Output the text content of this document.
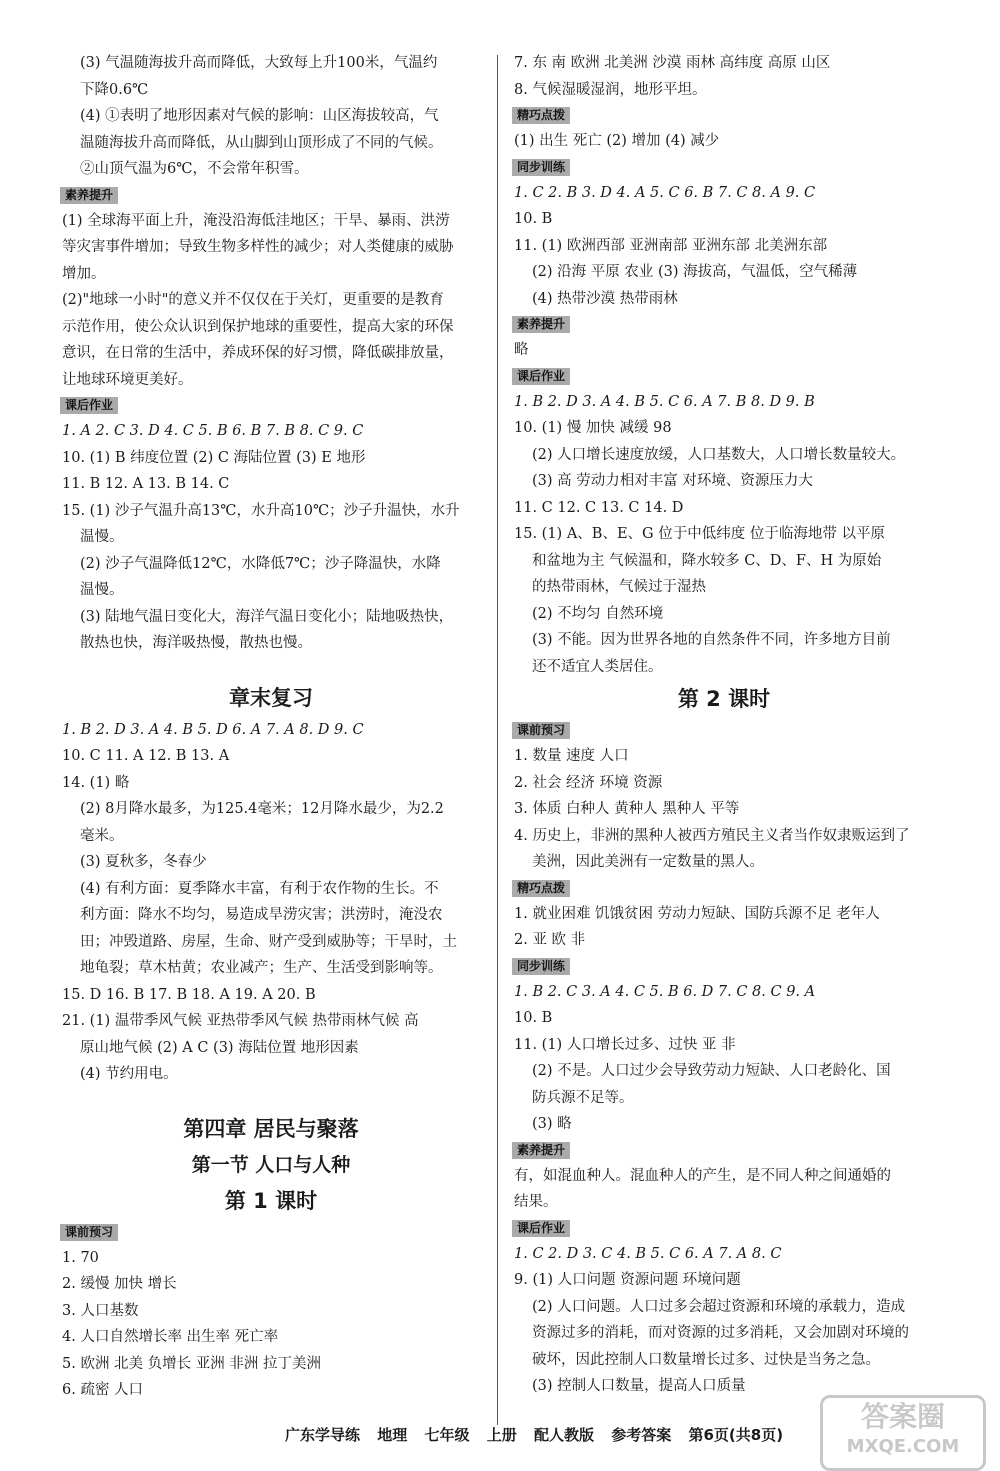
(3) 气温随海拔升高而降低，大致每上升100米，气温约
下降0.6℃
(4) ①表明了地形因素对气候的影响：山区海拔较高，气
温随海拔升高而降低，从山脚到山顶形成了不同的气候。
②山顶气温为6℃，不会常年积雪。
素养提升
(1) 全球海平面上升，淹没沿海低洼地区；干旱、暴雨、洪涝
等灾害事件增加；导致生物多样性的减少；对人类健康的威胁
增加。
(2)"地球一小时"的意义并不仅仅在于关灯，更重要的是教育
示范作用，使公众认识到保护地球的重要性，提高大家的环保
意识，在日常的生活中，养成环保的好习惯，降低碳排放量，
让地球环境更美好。
课后作业
1. A 2. C 3. D 4. C 5. B 6. B 7. B 8. C 9. C
10. (1) B 纬度位置 (2) C 海陆位置 (3) E 地形
11. B 12. A 13. B 14. C
15. (1) 沙子气温升高13℃，水升高10℃；沙子升温快，水升
温慢。
(2) 沙子气温降低12℃，水降低7℃；沙子降温快，水降
温慢。
(3) 陆地气温日变化大，海洋气温日变化小；陆地吸热快，
散热也快，海洋吸热慢，散热也慢。
章末复习
1. B 2. D 3. A 4. B 5. D 6. A 7. A 8. D 9. C
10. C 11. A 12. B 13. A
14. (1) 略
(2) 8月降水最多，为125.4毫米；12月降水最少，为2.2
毫米。
(3) 夏秋多，冬春少
(4) 有利方面：夏季降水丰富，有利于农作物的生长。不
利方面：降水不均匀，易造成旱涝灾害；洪涝时，淹没农
田；冲毁道路、房屋，生命、财产受到威胁等；干旱时，土
地龟裂；草木枯黄；农业减产；生产、生活受到影响等。
15. D 16. B 17. B 18. A 19. A 20. B
21. (1) 温带季风气候 亚热带季风气候 热带雨林气候 高
原山地气候 (2) A C (3) 海陆位置 地形因素
(4) 节约用电。
第四章 居民与聚落
第一节 人口与人种
第 1 课时
课前预习
1. 70
2. 缓慢 加快 增长
3. 人口基数
4. 人口自然增长率 出生率 死亡率
5. 欧洲 北美 负增长 亚洲 非洲 拉丁美洲
6. 疏密 人口
7. 东 南 欧洲 北美洲 沙漠 雨林 高纬度 高原 山区
8. 气候湿暖湿润，地形平坦。
精巧点拨
(1) 出生 死亡 (2) 增加 (4) 减少
同步训练
1. C 2. B 3. D 4. A 5. C 6. B 7. C 8. A 9. C
10. B
11. (1) 欧洲西部 亚洲南部 亚洲东部 北美洲东部
(2) 沿海 平原 农业 (3) 海拔高，气温低，空气稀薄
(4) 热带沙漠 热带雨林
素养提升
略
课后作业
1. B 2. D 3. A 4. B 5. C 6. A 7. B 8. D 9. B
10. (1) 慢 加快 减缓 98
(2) 人口增长速度放缓，人口基数大，人口增长数量较大。
(3) 高 劳动力相对丰富 对环境、资源压力大
11. C 12. C 13. C 14. D
15. (1) A、B、E、G 位于中低纬度 位于临海地带 以平原
和盆地为主 气候温和，降水较多 C、D、F、H 为原始
的热带雨林，气候过于湿热
(2) 不均匀 自然环境
(3) 不能。因为世界各地的自然条件不同，许多地方目前
还不适宜人类居住。
第 2 课时
课前预习
1. 数量 速度 人口
2. 社会 经济 环境 资源
3. 体质 白种人 黄种人 黑种人 平等
4. 历史上，非洲的黑种人被西方殖民主义者当作奴隶贩运到了
美洲，因此美洲有一定数量的黑人。
精巧点拨
1. 就业困难 饥饿贫困 劳动力短缺、国防兵源不足 老年人
2. 亚 欧 非
同步训练
1. B 2. C 3. A 4. C 5. B 6. D 7. C 8. C 9. A
10. B
11. (1) 人口增长过多、过快 亚 非
(2) 不是。人口过少会导致劳动力短缺、人口老龄化、国
防兵源不足等。
(3) 略
素养提升
有，如混血种人。混血种人的产生，是不同人种之间通婚的
结果。
课后作业
1. C 2. D 3. C 4. B 5. C 6. A 7. A 8. C
9. (1) 人口问题 资源问题 环境问题
(2) 人口问题。人口过多会超过资源和环境的承载力，造成
资源过多的消耗，而对资源的过多消耗，又会加剧对环境的
破坏，因此控制人口数量增长过多、过快是当务之急。
(3) 控制人口数量，提高人口质量
广东学导练 地理 七年级 上册 配人教版 参考答案 第6页(共8页)
答案圈
MXQE.COM
